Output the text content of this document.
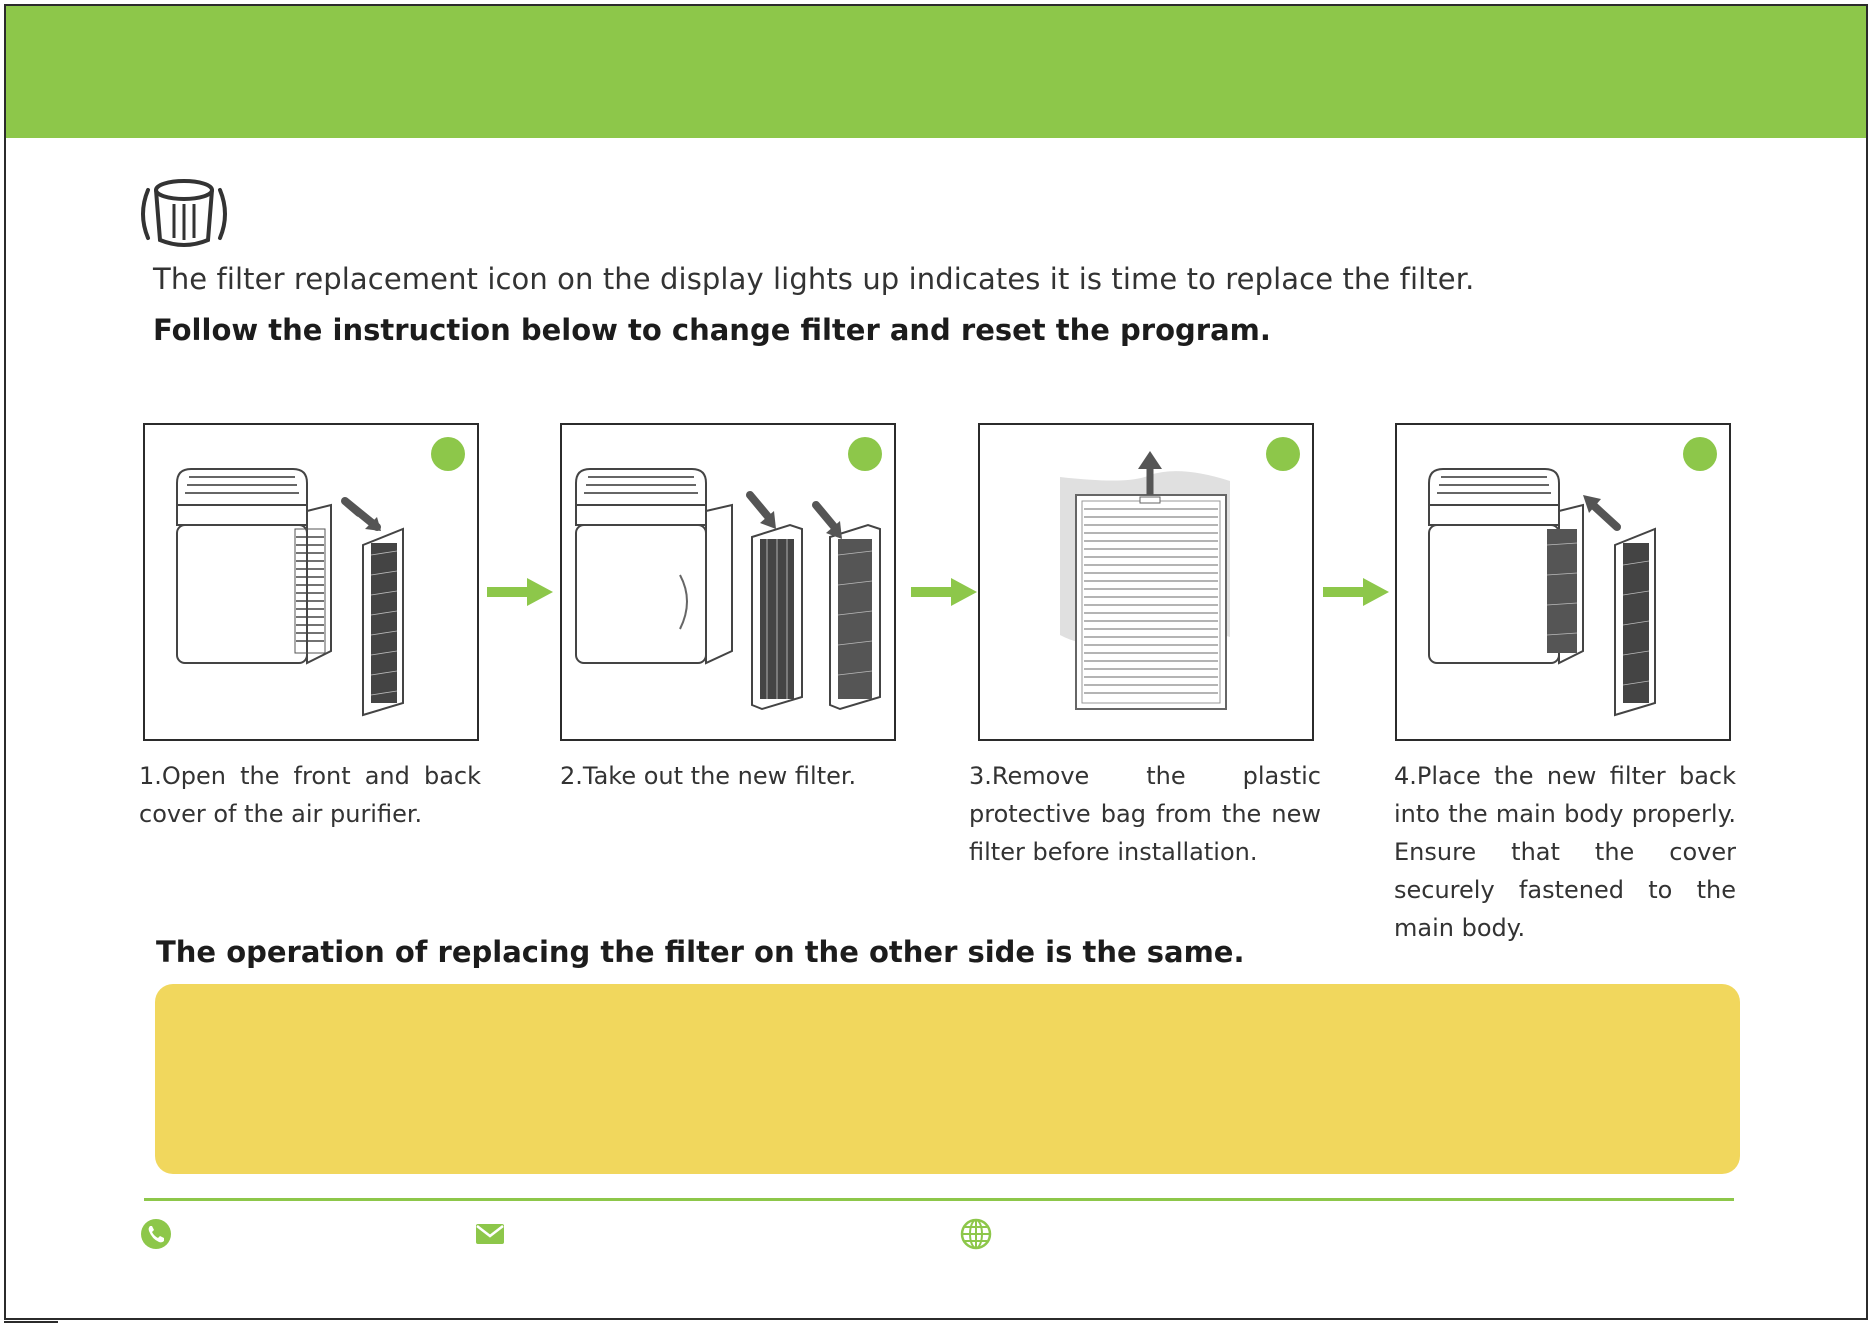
The filter replacement icon on the display lights up indicates it is time to replace the filter.
Follow the instruction below to change filter and reset the program.
1.Open the front and back cover of the air purifier.
2.Take out the new filter.	3.Remove the plastic protective bag from the new filter before installation.
4.Place the new filter back into the main body properly. Ensure that the cover securely fastened to the main body.
The operation of replacing the filter on the other side is the same.
